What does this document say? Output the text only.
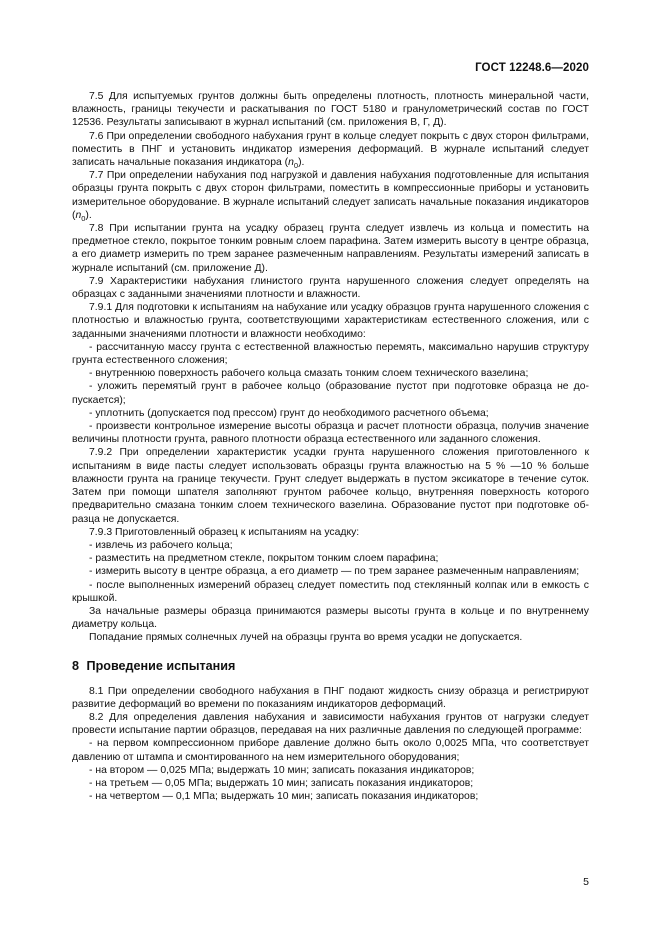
ГОСТ 12248.6—2020

7.5 Для испытуемых грунтов должны быть определены плотность, плотность минеральной части, влажность, границы текучести и раскатывания по ГОСТ 5180 и гранулометрический состав по ГОСТ 12536. Результаты записывают в журнал испытаний (см. приложения В, Г, Д).

7.6 При определении свободного набухания грунт в кольце следует покрыть с двух сторон фильтрами, поместить в ПНГ и установить индикатор измерения деформаций. В журнале испытаний следует записать начальные показания индикатора $(n_0)$.

7.7 При определении набухания под нагрузкой и давления набухания подготовленные для испытания образцы грунта покрыть с двух сторон фильтрами, поместить в компрессионные приборы и установить измерительное оборудование. В журнале испытаний следует записать начальные показания индикаторов $(n_0)$.

7.8 При испытании грунта на усадку образец грунта следует извлечь из кольца и поместить на предметное стекло, покрытое тонким ровным слоем парафина. Затем измерить высоту в центре образца, а его диаметр измерить по трем заранее размеченным направлениям. Результаты измерений записать в журнале испытаний (см. приложение Д).

7.9 Характеристики набухания глинистого грунта нарушенного сложения следует определять на образцах с заданными значениями плотности и влажности.

7.9.1 Для подготовки к испытаниям на набухание или усадку образцов грунта нарушенного сложения с плотностью и влажностью грунта, соответствующими характеристикам естественного сложения, или с заданными значениями плотности и влажности необходимо:

- рассчитанную массу грунта с естественной влажностью перемять, максимально нарушив структуру грунта естественного сложения;

- внутреннюю поверхность рабочего кольца смазать тонким слоем технического вазелина;

- уложить перемятый грунт в рабочее кольцо (образование пустот при подготовке образца не допускается);

- уплотнить (допускается под прессом) грунт до необходимого расчетного объема;

- произвести контрольное измерение высоты образца и расчет плотности образца, получив значение величины плотности грунта, равного плотности образца естественного или заданного сложения.

7.9.2 При определении характеристик усадки грунта нарушенного сложения приготовленного к испытаниям в виде пасты следует использовать образцы грунта влажностью на 5 % —10 % больше влажности грунта на границе текучести. Грунт следует выдержать в пустом эксикаторе в течение суток. Затем при помощи шпателя заполняют грунтом рабочее кольцо, внутренняя поверхность которого предварительно смазана тонким слоем технического вазелина. Образование пустот при подготовке образца не допускается.

7.9.3 Приготовленный образец к испытаниям на усадку:

- извлечь из рабочего кольца;

- разместить на предметном стекле, покрытом тонким слоем парафина;

- измерить высоту в центре образца, а его диаметр — по трем заранее размеченным направлениям;

- после выполненных измерений образец следует поместить под стеклянный колпак или в емкость с крышкой.

За начальные размеры образца принимаются размеры высоты грунта в кольце и по внутреннему диаметру кольца.

Попадание прямых солнечных лучей на образцы грунта во время усадки не допускается.

8 Проведение испытания

8.1 При определении свободного набухания в ПНГ подают жидкость снизу образца и регистрируют развитие деформаций во времени по показаниям индикаторов деформаций.

8.2 Для определения давления набухания и зависимости набухания грунтов от нагрузки следует провести испытание партии образцов, передавая на них различные давления по следующей программе:

- на первом компрессионном приборе давление должно быть около 0,0025 МПа, что соответствует давлению от штампа и смонтированного на нем измерительного оборудования;

- на втором — 0,025 МПа; выдержать 10 мин; записать показания индикаторов;

- на третьем — 0,05 МПа; выдержать 10 мин; записать показания индикаторов;

- на четвертом — 0,1 МПа; выдержать 10 мин; записать показания индикаторов;

5
